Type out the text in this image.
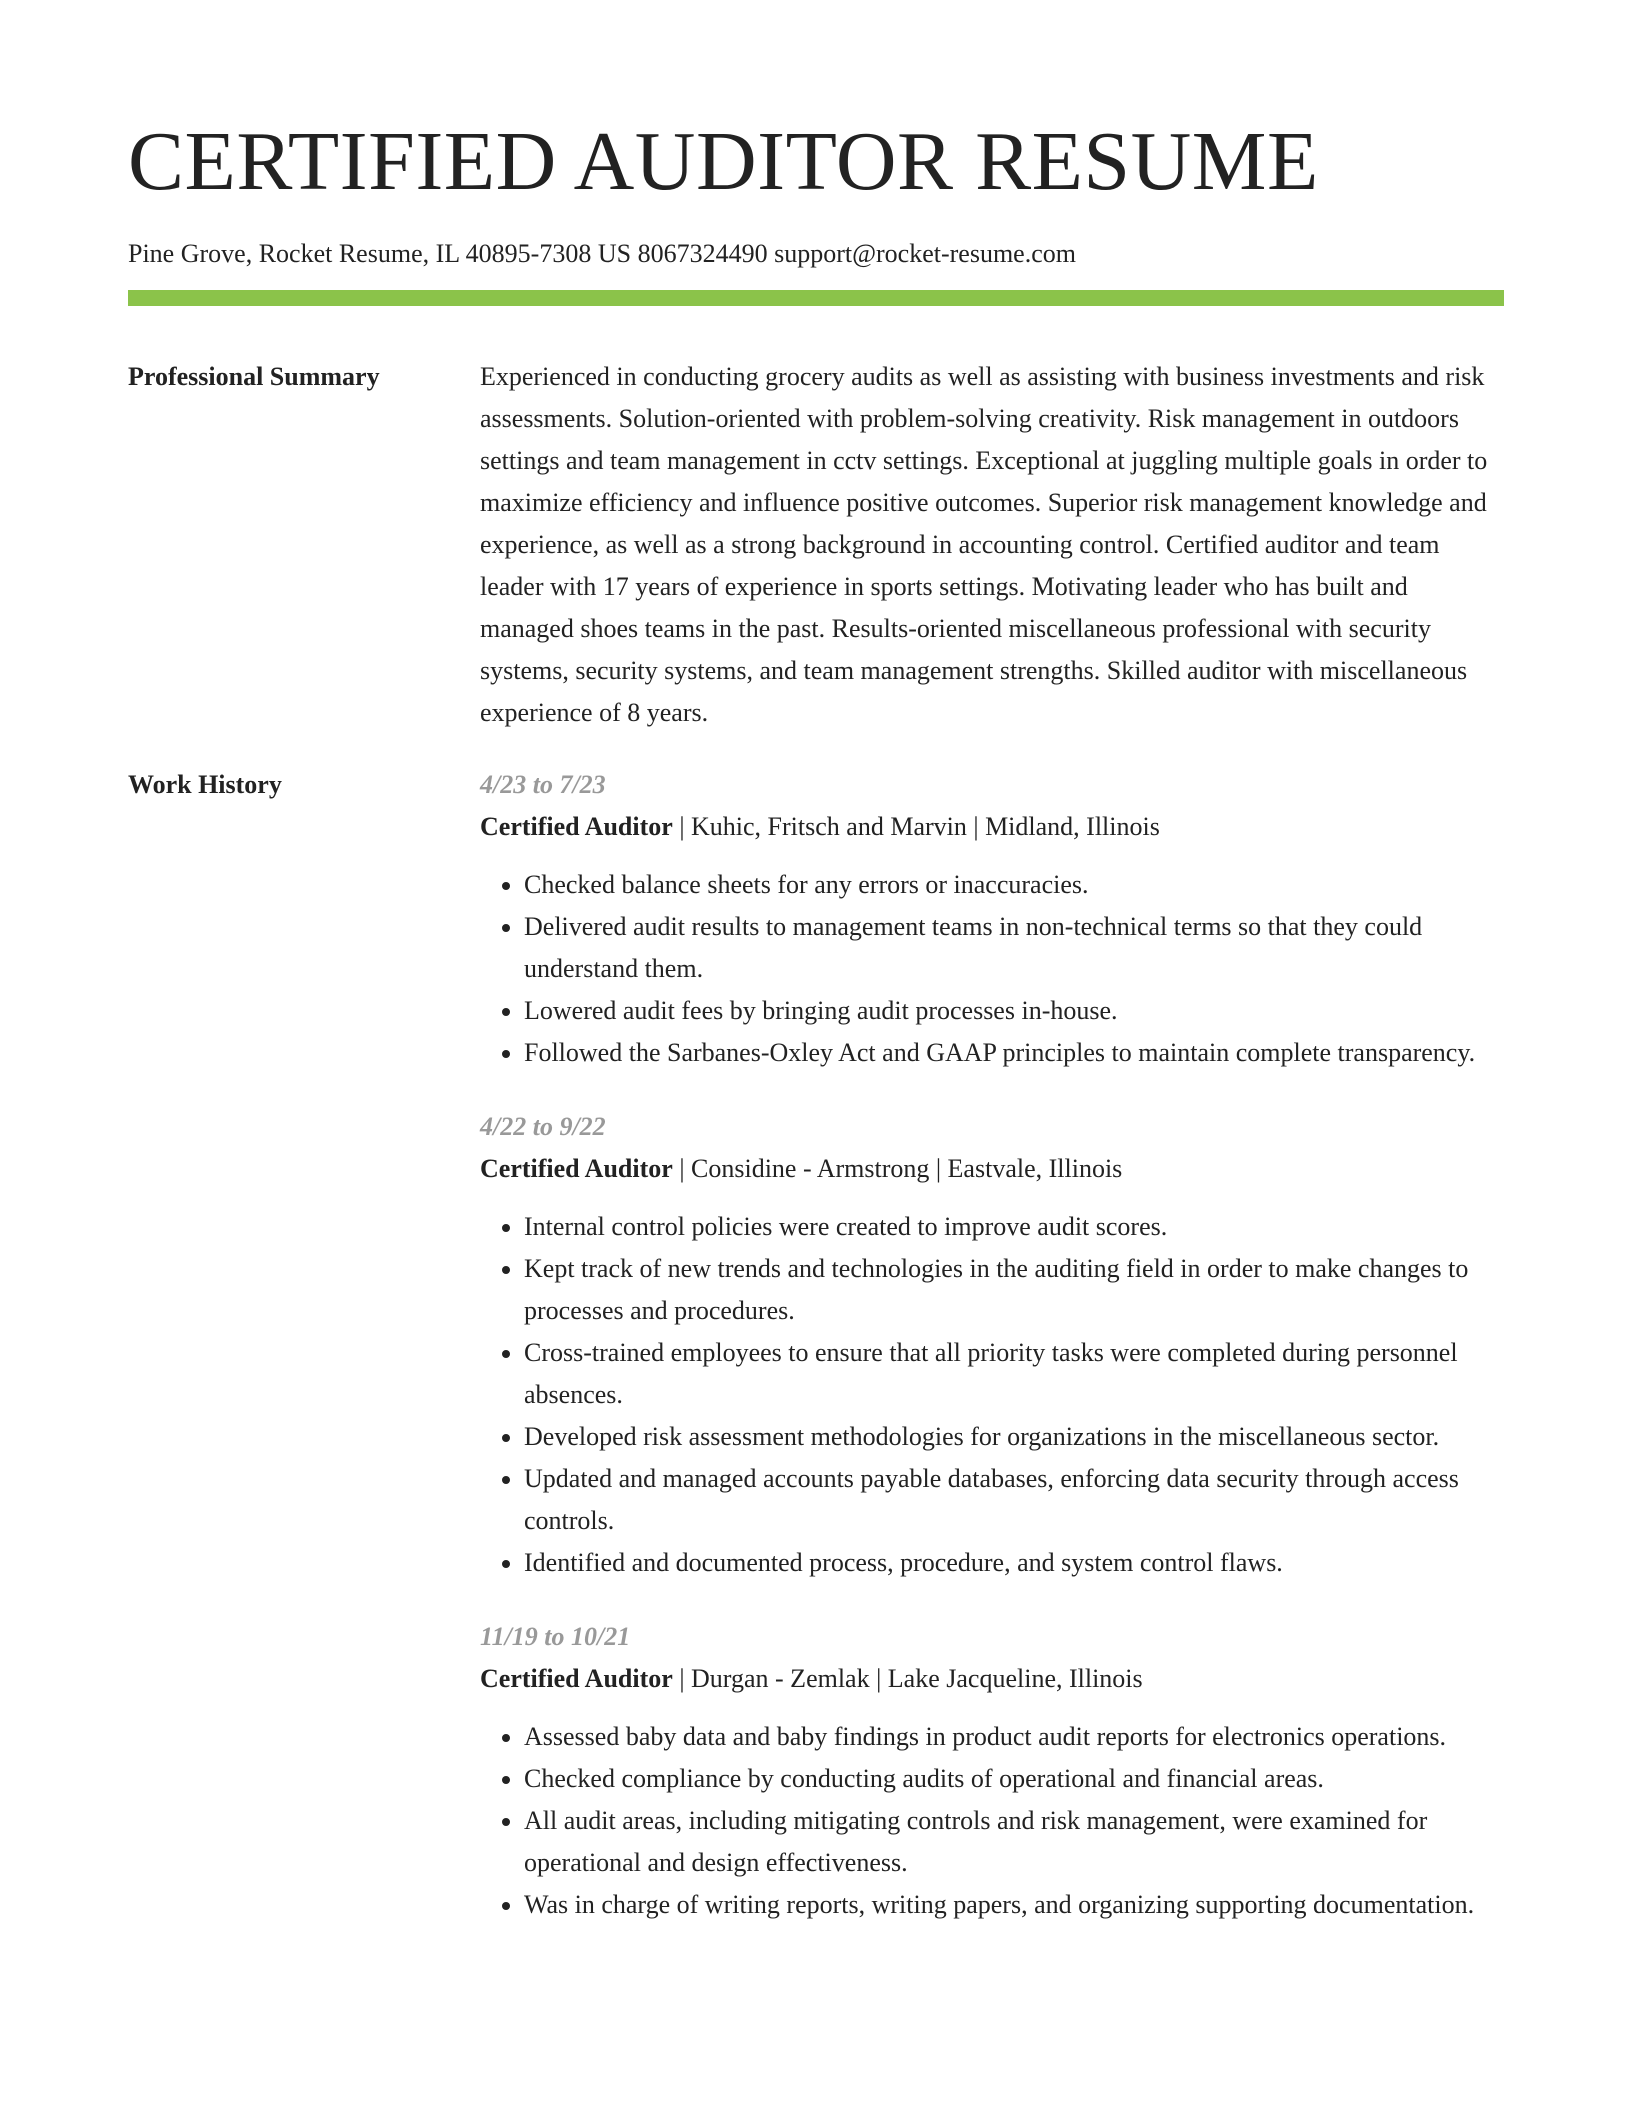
CERTIFIED AUDITOR RESUME
Pine Grove, Rocket Resume, IL 40895-7308 US 8067324490 support@rocket-resume.com
Professional Summary	Experienced in conducting grocery audits as well as assisting with business investments and risk assessments. Solution-oriented with problem-solving creativity. Risk management in outdoors settings and team management in cctv settings. Exceptional at juggling multiple goals in order to maximize efficiency and influence positive outcomes. Superior risk management knowledge and experience, as well as a strong background in accounting control. Certified auditor and team leader with 17 years of experience in sports settings. Motivating leader who has built and managed shoes teams in the past. Results-oriented miscellaneous professional with security systems, security systems, and team management strengths. Skilled auditor with miscellaneous experience of 8 years.
Work History	4/23 to 7/23
Certified Auditor | Kuhic, Fritsch and Marvin | Midland, Illinois
• Checked balance sheets for any errors or inaccuracies.
• Delivered audit results to management teams in non-technical terms so that they could understand them.
• Lowered audit fees by bringing audit processes in-house.
• Followed the Sarbanes-Oxley Act and GAAP principles to maintain complete transparency.
4/22 to 9/22
Certified Auditor | Considine - Armstrong | Eastvale, Illinois
• Internal control policies were created to improve audit scores.
• Kept track of new trends and technologies in the auditing field in order to make changes to processes and procedures.
• Cross-trained employees to ensure that all priority tasks were completed during personnel absences.
• Developed risk assessment methodologies for organizations in the miscellaneous sector.
• Updated and managed accounts payable databases, enforcing data security through access controls.
• Identified and documented process, procedure, and system control flaws.
11/19 to 10/21
Certified Auditor | Durgan - Zemlak | Lake Jacqueline, Illinois
• Assessed baby data and baby findings in product audit reports for electronics operations.
• Checked compliance by conducting audits of operational and financial areas.
• All audit areas, including mitigating controls and risk management, were examined for operational and design effectiveness.
• Was in charge of writing reports, writing papers, and organizing supporting documentation.
